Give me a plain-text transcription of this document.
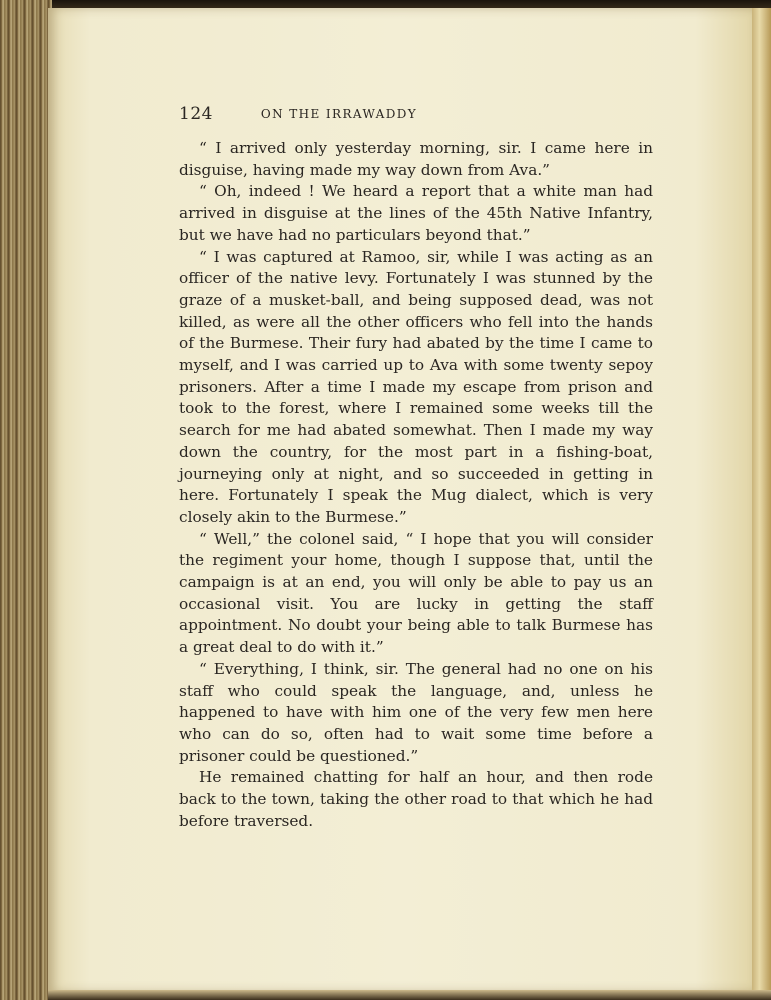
124	ON THE IRRAWADDY

“ I arrived only yesterday morning, sir. I came here in disguise, having made my way down from Ava.”

“ Oh, indeed ! We heard a report that a white man had arrived in disguise at the lines of the 45th Native Infantry, but we have had no particulars beyond that.”

“ I was captured at Ramoo, sir, while I was acting as an officer of the native levy. Fortunately I was stunned by the graze of a musket-ball, and being supposed dead, was not killed, as were all the other officers who fell into the hands of the Burmese. Their fury had abated by the time I came to myself, and I was carried up to Ava with some twenty sepoy prisoners. After a time I made my escape from prison and took to the forest, where I remained some weeks till the search for me had abated somewhat. Then I made my way down the country, for the most part in a fishing-boat, journeying only at night, and so succeeded in getting in here. Fortunately I speak the Mug dialect, which is very closely akin to the Burmese.”

“ Well,” the colonel said, “ I hope that you will consider the regiment your home, though I suppose that, until the campaign is at an end, you will only be able to pay us an occasional visit. You are lucky in getting the staff appointment. No doubt your being able to talk Burmese has a great deal to do with it.”

“ Everything, I think, sir. The general had no one on his staff who could speak the language, and, unless he happened to have with him one of the very few men here who can do so, often had to wait some time before a prisoner could be questioned.”

He remained chatting for half an hour, and then rode back to the town, taking the other road to that which he had before traversed.
